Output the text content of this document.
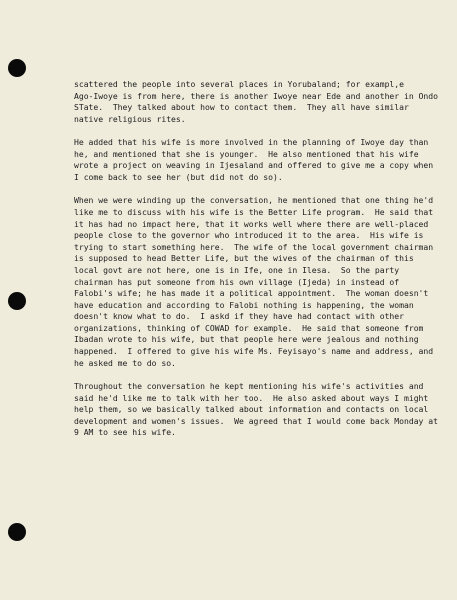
scattered the people into several places in Yorubaland; for exampl,e
Ago-Iwoye is from here, there is another Iwoye near Ede and another in Ondo
STate.  They talked about how to contact them.  They all have similar
native religious rites.

He added that his wife is more involved in the planning of Iwoye day than
he, and mentioned that she is younger.  He also mentioned that his wife
wrote a project on weaving in Ijesaland and offered to give me a copy when
I come back to see her (but did not do so).

When we were winding up the conversation, he mentioned that one thing he'd
like me to discuss with his wife is the Better Life program.  He said that
it has had no impact here, that it works well where there are well-placed
people close to the governor who introduced it to the area.  His wife is
trying to start something here.  The wife of the local government chairman
is supposed to head Better Life, but the wives of the chairman of this
local govt are not here, one is in Ife, one in Ilesa.  So the party
chairman has put someone from his own village (Ijeda) in instead of
Falobi's wife; he has made it a political appointment.  The woman doesn't
have education and according to Falobi nothing is happening, the woman
doesn't know what to do.  I askd if they have had contact with other
organizations, thinking of COWAD for example.  He said that someone from
Ibadan wrote to his wife, but that people here were jealous and nothing
happened.  I offered to give his wife Ms. Feyisayo's name and address, and
he asked me to do so.

Throughout the conversation he kept mentioning his wife's activities and
said he'd like me to talk with her too.  He also asked about ways I might
help them, so we basically talked about information and contacts on local
development and women's issues.  We agreed that I would come back Monday at
9 AM to see his wife.
